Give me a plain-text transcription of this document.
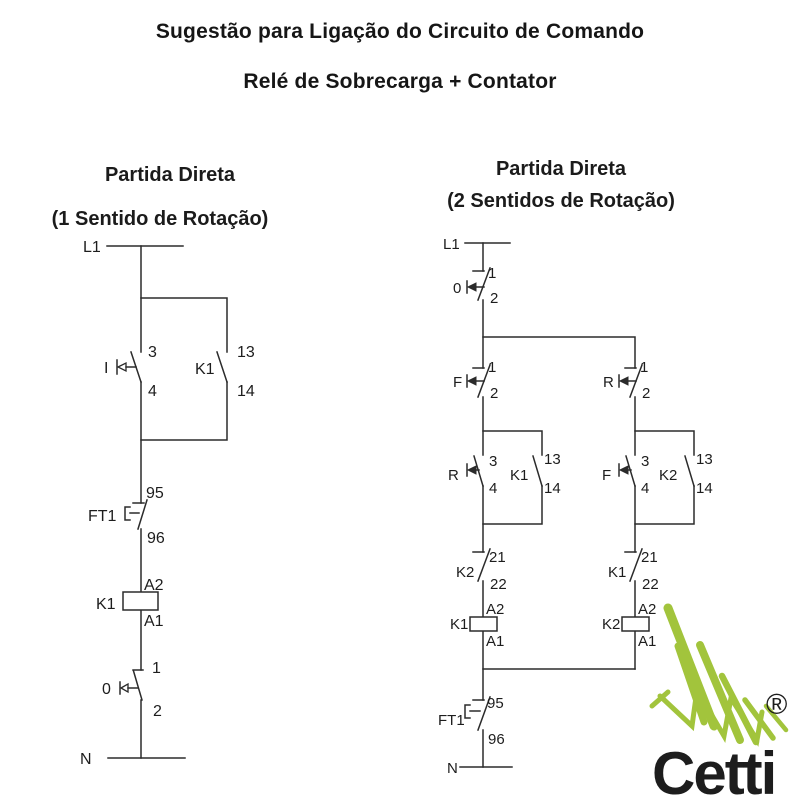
Sugestão para Ligação do Circuito de Comando
Relé de Sobrecarga + Contator
Partida Direta
(1 Sentido de Rotação)
Partida Direta
(2 Sentidos de Rotação)
L1
3
4
I	K1
13
14
95
FT1
96
A2
K1
A1
1
0
2
N
L1
0
1
2
F
1
2
R
1
2
R
3
4
K1
13
14
F
3
4
K2
13
14
K2
21
22
K1
21
22
A2
K1
A1
A2
K2
A1
95
FT1
96
N
®
Cetti
